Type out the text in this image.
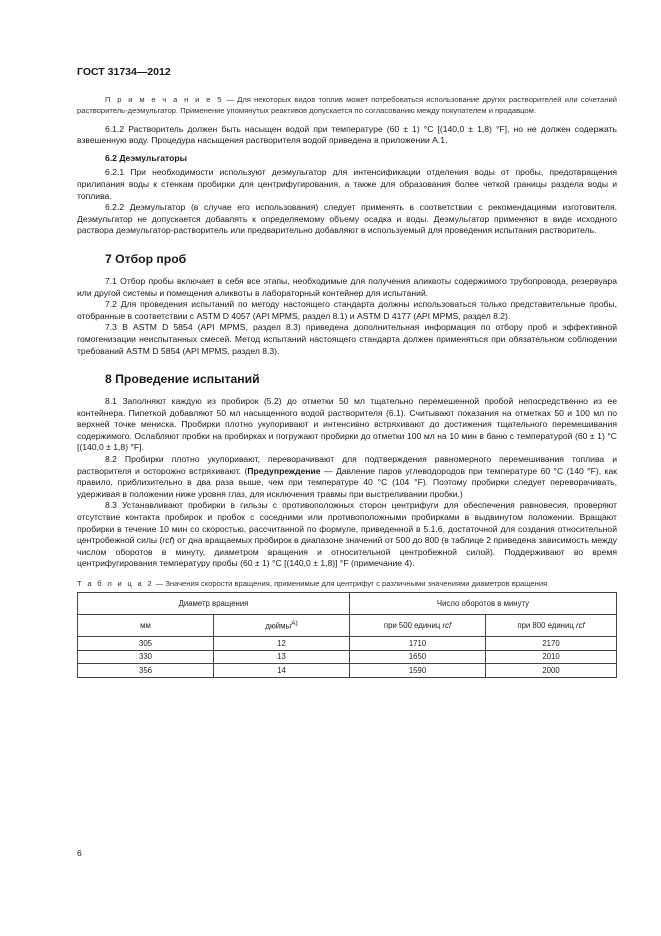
ГОСТ 31734—2012

П р и м е ч а н и е 5 — Для некоторых видов топлив может потребоваться использование других растворителей или сочетаний растворитель-деэмульгатор. Применение упомянутых реактивов допускается по согласованию между покупателем и продавцом.

6.1.2 Растворитель должен быть насыщен водой при температуре (60 ± 1) °С [(140,0 ± 1,8) °F], но не должен содержать взвешенную воду. Процедура насыщения растворителя водой приведена в приложении А.1.

6.2 Деэмульгаторы

6.2.1 При необходимости используют деэмульгатор для интенсификации отделения воды от пробы, предотвращения прилипания воды к стенкам пробирки для центрифугирования, а также для образования более четкой границы раздела воды и топлива.

6.2.2 Деэмульгатор (в случае его использования) следует применять в соответствии с рекомендациями изготовителя. Деэмульгатор не допускается добавлять к определяемому объему осадка и воды. Деэмульгатор применяют в виде исходного раствора деэмульгатор-растворитель или предварительно добавляют в используемый для проведения испытания растворитель.

7 Отбор проб

7.1 Отбор пробы включает в себя все этапы, необходимые для получения аликвоты содержимого трубопровода, резервуара или другой системы и помещения аликвоты в лабораторный контейнер для испытаний.

7.2 Для проведения испытаний по методу настоящего стандарта должны использоваться только представительные пробы, отобранные в соответствии с ASTM D 4057 (API MPMS, раздел 8.1) и ASTM D 4177 (API MPMS, раздел 8.2).

7.3 В ASTM D 5854 (API MPMS, раздел 8.3) приведена дополнительная информация по отбору проб и эффективной гомогенизации неиспытанных смесей. Метод испытаний настоящего стандарта должен применяться при обязательном соблюдении требований ASTM D 5854 (API MPMS, раздел 8.3).

8 Проведение испытаний

8.1 Заполняют каждую из пробирок (5.2) до отметки 50 мл тщательно перемешенной пробой непосредственно из ее контейнера. Пипеткой добавляют 50 мл насыщенного водой растворителя (6.1). Считывают показания на отметках 50 и 100 мл по верхней точке мениска. Пробирки плотно укупоривают и интенсивно встряхивают до достижения тщательного перемешивания содержимого. Ослабляют пробки на пробирках и погружают пробирки до отметки 100 мл на 10 мин в баню с температурой (60 ± 1) °С [(140,0 ± 1,8) °F].

8.2 Пробирки плотно укупоривают, переворачивают для подтверждения равномерного перемешивания топлива и растворителя и осторожно встряхивают. (Предупреждение — Давление паров углеводородов при температуре 60 °С (140 °F), как правило, приблизительно в два раза выше, чем при температуре 40 °С (104 °F). Поэтому пробирки следует переворачивать, удерживая в положении ниже уровня глаз, для исключения травмы при выстреливании пробки.)

8.3 Устанавливают пробирки в гильзы с противоположных сторон центрифуги для обеспечения равновесия, проверяют отсутствие контакта пробирок и пробок с соседними или противоположными пробирками в выдвинутом положении. Вращают пробирки в течение 10 мин со скоростью, рассчитанной по формуле, приведенной в 5.1.6, достаточной для создания относительной центробежной силы (rcf) от дна вращаемых пробирок в диапазоне значений от 500 до 800 (в таблице 2 приведена зависимость между числом оборотов в минуту, диаметром вращения и относительной центробежной силой). Поддерживают во время центрифугирования температуру пробы (60 ± 1) °С [(140,0 ± 1,8)] °F (примечание 4).

Т а б л и ц а 2 — Значения скорости вращения, применимые для центрифуг с различными значениями диаметров вращения

Диаметр вращения		Число оборотов в минуту	
мм	дюймы$^{А)}$	при 500 единиц rcf	при 800 единиц rcf
305	12	1710	2170
330	13	1650	2010
356	14	1590	2000
6
